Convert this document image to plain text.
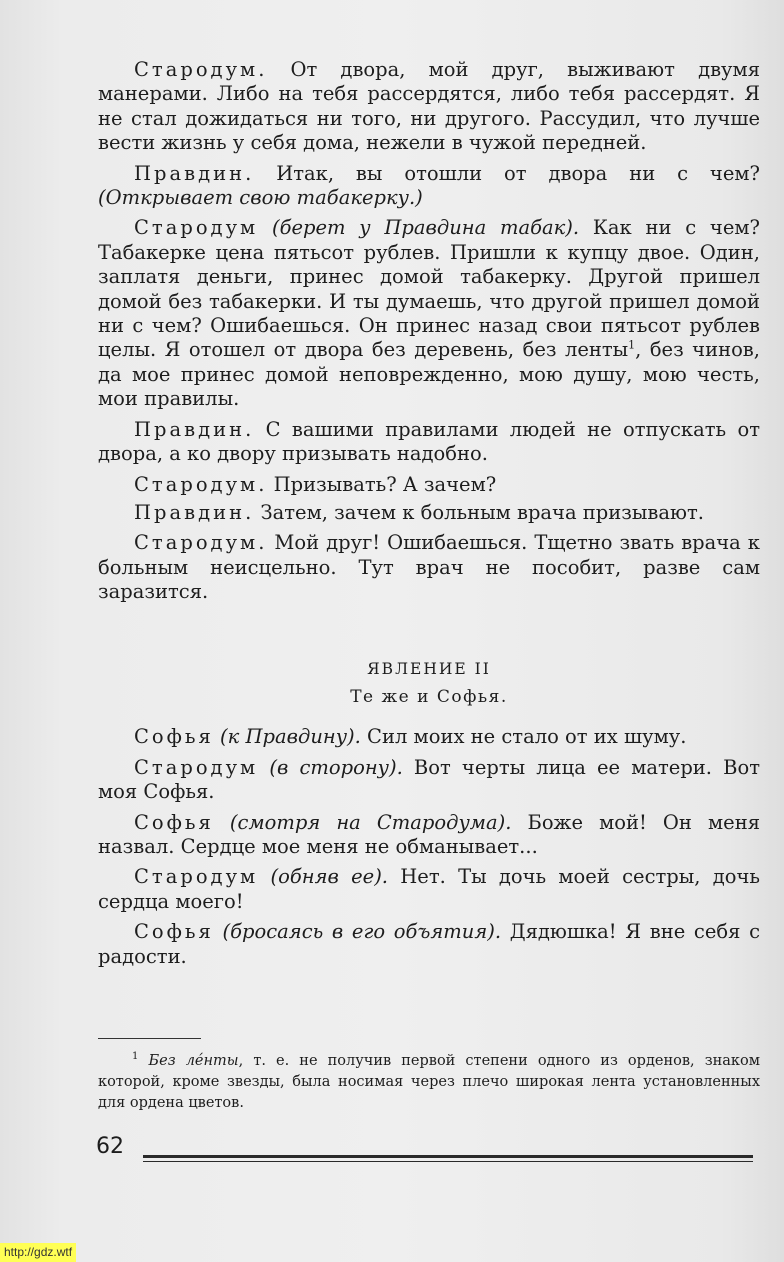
Стародум. От двора, мой друг, выживают двумя манерами. Либо на тебя рассердятся, либо тебя рассердят. Я не стал дожидаться ни того, ни другого. Рассудил, что лучше вести жизнь у себя дома, нежели в чужой передней.

Правдин. Итак, вы отошли от двора ни с чем? (Открывает свою табакерку.)

Стародум (берет у Правдина табак). Как ни с чем? Табакерке цена пятьсот рублев. Пришли к купцу двое. Один, заплатя деньги, принес домой табакерку. Другой пришел домой без табакерки. И ты думаешь, что другой пришел домой ни с чем? Ошибаешься. Он принес назад свои пятьсот рублев целы. Я отошел от двора без деревень, без ленты$^1$, без чинов, да мое принес домой неповрежденно, мою душу, мою честь, мои правилы.

Правдин. С вашими правилами людей не отпускать от двора, а ко двору призывать надобно.

Стародум. Призывать? А зачем?

Правдин. Затем, зачем к больным врача призывают.

Стародум. Мой друг! Ошибаешься. Тщетно звать врача к больным неисцельно. Тут врач не пособит, разве сам заразится.

ЯВЛЕНИЕ II
Те же и Софья.

Софья (к Правдину). Сил моих не стало от их шуму.

Стародум (в сторону). Вот черты лица ее матери. Вот моя Софья.

Софья (смотря на Стародума). Боже мой! Он меня назвал. Сердце мое меня не обманывает...

Стародум (обняв ее). Нет. Ты дочь моей сестры, дочь сердца моего!

Софья (бросаясь в его объятия). Дядюшка! Я вне себя с радости.

$^1$ Без лéнты, т. е. не получив первой степени одного из орденов, знаком которой, кроме звезды, была носимая через плечо широкая лента установленных для ордена цветов.
62
http://gdz.wtf
